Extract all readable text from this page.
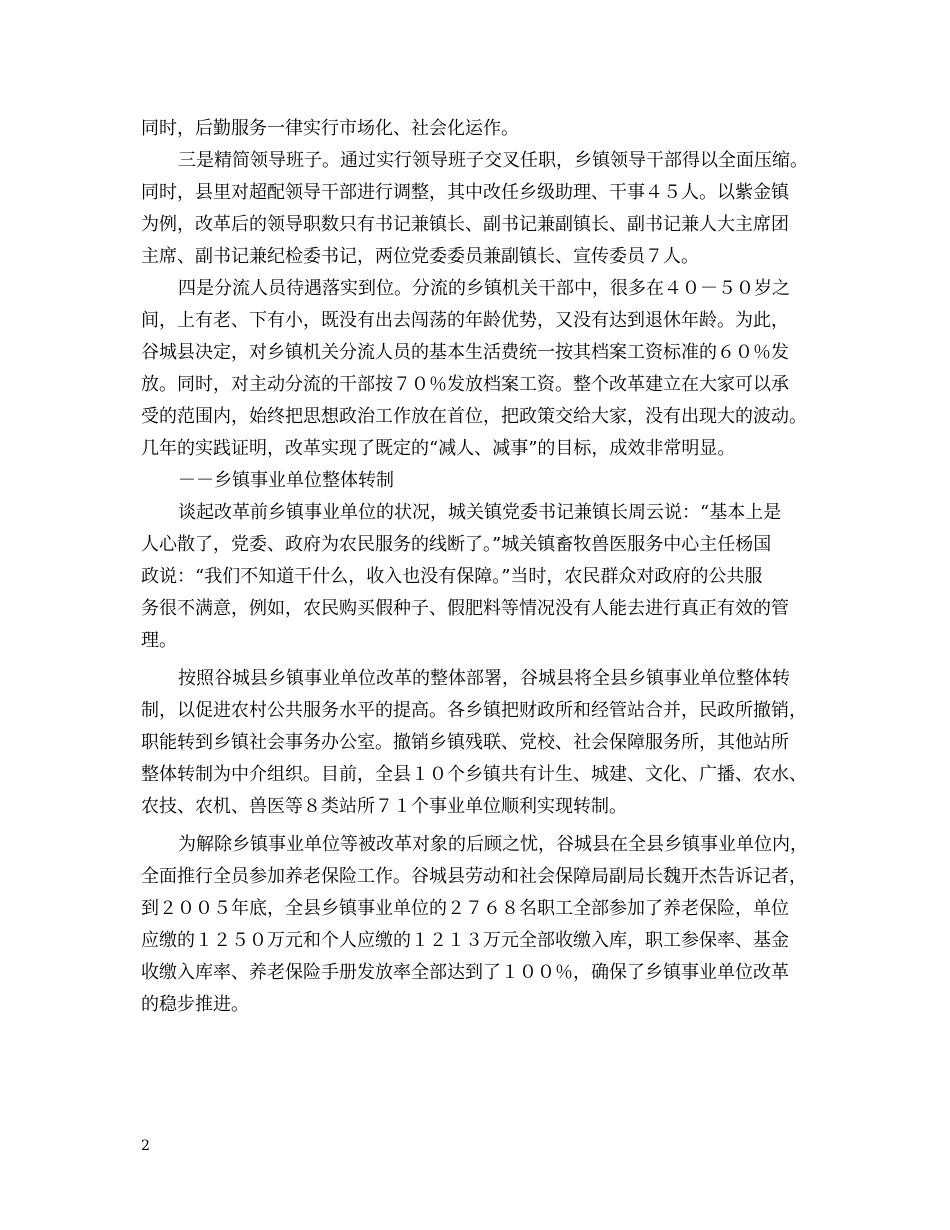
同时，后勤服务一律实行市场化、社会化运作。
三是精简领导班子。通过实行领导班子交叉任职，乡镇领导干部得以全面压缩。
同时，县里对超配领导干部进行调整，其中改任乡级助理、干事４５人。以紫金镇
为例，改革后的领导职数只有书记兼镇长、副书记兼副镇长、副书记兼人大主席团
主席、副书记兼纪检委书记，两位党委委员兼副镇长、宣传委员７人。
四是分流人员待遇落实到位。分流的乡镇机关干部中，很多在４０－５０岁之
间，上有老、下有小，既没有出去闯荡的年龄优势，又没有达到退休年龄。为此，
谷城县决定，对乡镇机关分流人员的基本生活费统一按其档案工资标准的６０％发
放。同时，对主动分流的干部按７０％发放档案工资。整个改革建立在大家可以承
受的范围内，始终把思想政治工作放在首位，把政策交给大家，没有出现大的波动。
几年的实践证明，改革实现了既定的“减人、减事”的目标，成效非常明显。
－－乡镇事业单位整体转制
谈起改革前乡镇事业单位的状况，城关镇党委书记兼镇长周云说：“基本上是
人心散了，党委、政府为农民服务的线断了。”城关镇畜牧兽医服务中心主任杨国
政说：“我们不知道干什么，收入也没有保障。”当时，农民群众对政府的公共服
务很不满意，例如，农民购买假种子、假肥料等情况没有人能去进行真正有效的管
理。
按照谷城县乡镇事业单位改革的整体部署，谷城县将全县乡镇事业单位整体转
制，以促进农村公共服务水平的提高。各乡镇把财政所和经管站合并，民政所撤销，
职能转到乡镇社会事务办公室。撤销乡镇残联、党校、社会保障服务所，其他站所
整体转制为中介组织。目前，全县１０个乡镇共有计生、城建、文化、广播、农水、
农技、农机、兽医等８类站所７１个事业单位顺利实现转制。
为解除乡镇事业单位等被改革对象的后顾之忧，谷城县在全县乡镇事业单位内，
全面推行全员参加养老保险工作。谷城县劳动和社会保障局副局长魏开杰告诉记者，
到２００５年底，全县乡镇事业单位的２７６８名职工全部参加了养老保险，单位
应缴的１２５０万元和个人应缴的１２１３万元全部收缴入库，职工参保率、基金
收缴入库率、养老保险手册发放率全部达到了１００％，确保了乡镇事业单位改革
的稳步推进。
2
